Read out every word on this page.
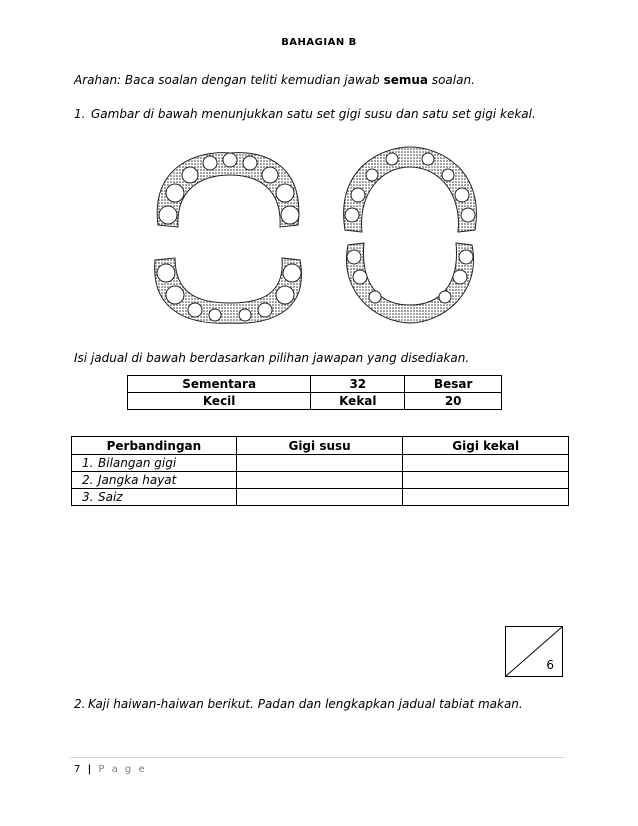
BAHAGIAN B
Arahan: Baca soalan dengan teliti kemudian jawab semua soalan.
1. Gambar di bawah menunjukkan satu set gigi susu dan satu set gigi kekal.
Isi jadual di bawah berdasarkan pilihan jawapan yang disediakan.
Sementara	32	Besar
Kecil	Kekal	20
Perbandingan	Gigi susu	Gigi kekal
1. Bilangan gigi		
2. Jangka hayat		
3. Saiz		
6
2. Kaji haiwan-haiwan berikut. Padan dan lengkapkan jadual tabiat makan.
7 | P a g e
